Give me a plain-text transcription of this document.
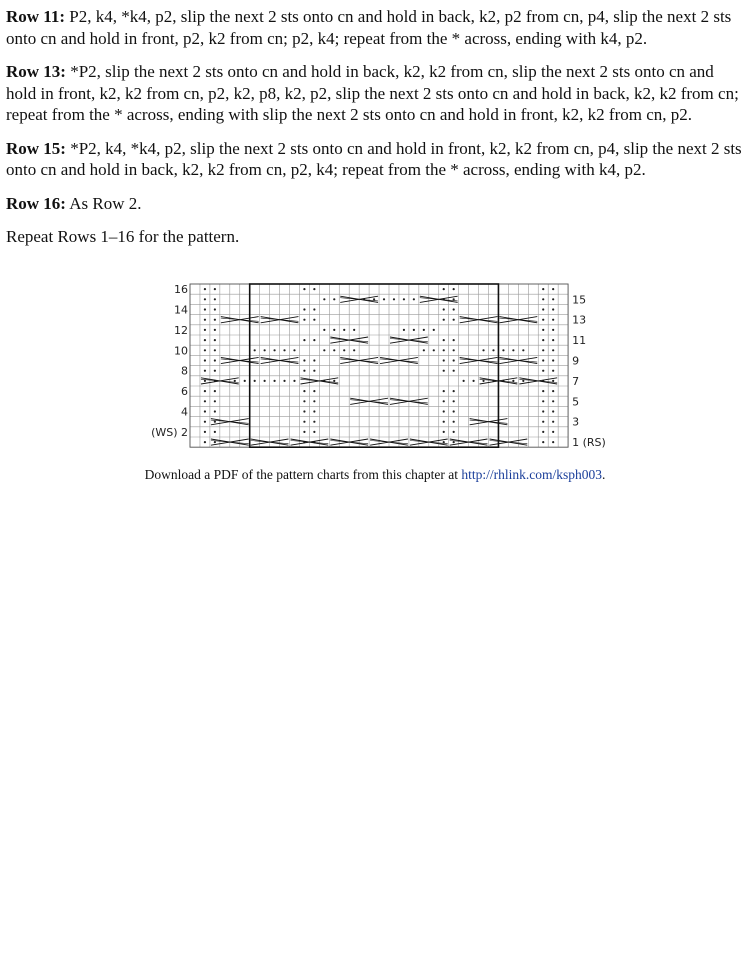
Row 11: P2, k4, *k4, p2, slip the next 2 sts onto cn and hold in back, k2, p2 from cn, p4, slip the next 2 sts onto cn and hold in front, p2, k2 from cn; p2, k4; repeat from the * across, ending with k4, p2.

Row 13: *P2, slip the next 2 sts onto cn and hold in back, k2, k2 from cn, slip the next 2 sts onto cn and hold in front, k2, k2 from cn, p2, k2, p8, k2, p2, slip the next 2 sts onto cn and hold in back, k2, k2 from cn; repeat from the * across, ending with slip the next 2 sts onto cn and hold in front, k2, k2 from cn, p2.

Row 15: *P2, k4, *k4, p2, slip the next 2 sts onto cn and hold in front, k2, k2 from cn, p4, slip the next 2 sts onto cn and hold in back, k2, k2 from cn, p2, k4; repeat from the * across, ending with k4, p2.

Row 16: As Row 2.

Repeat Rows 1–16 for the pattern.

16
14
12
10
8
6
4
(WS) 2
15
13
11
9
7
5
3
1 (RS)
Download a PDF of the pattern charts from this chapter at http://rhlink.com/ksph003.
